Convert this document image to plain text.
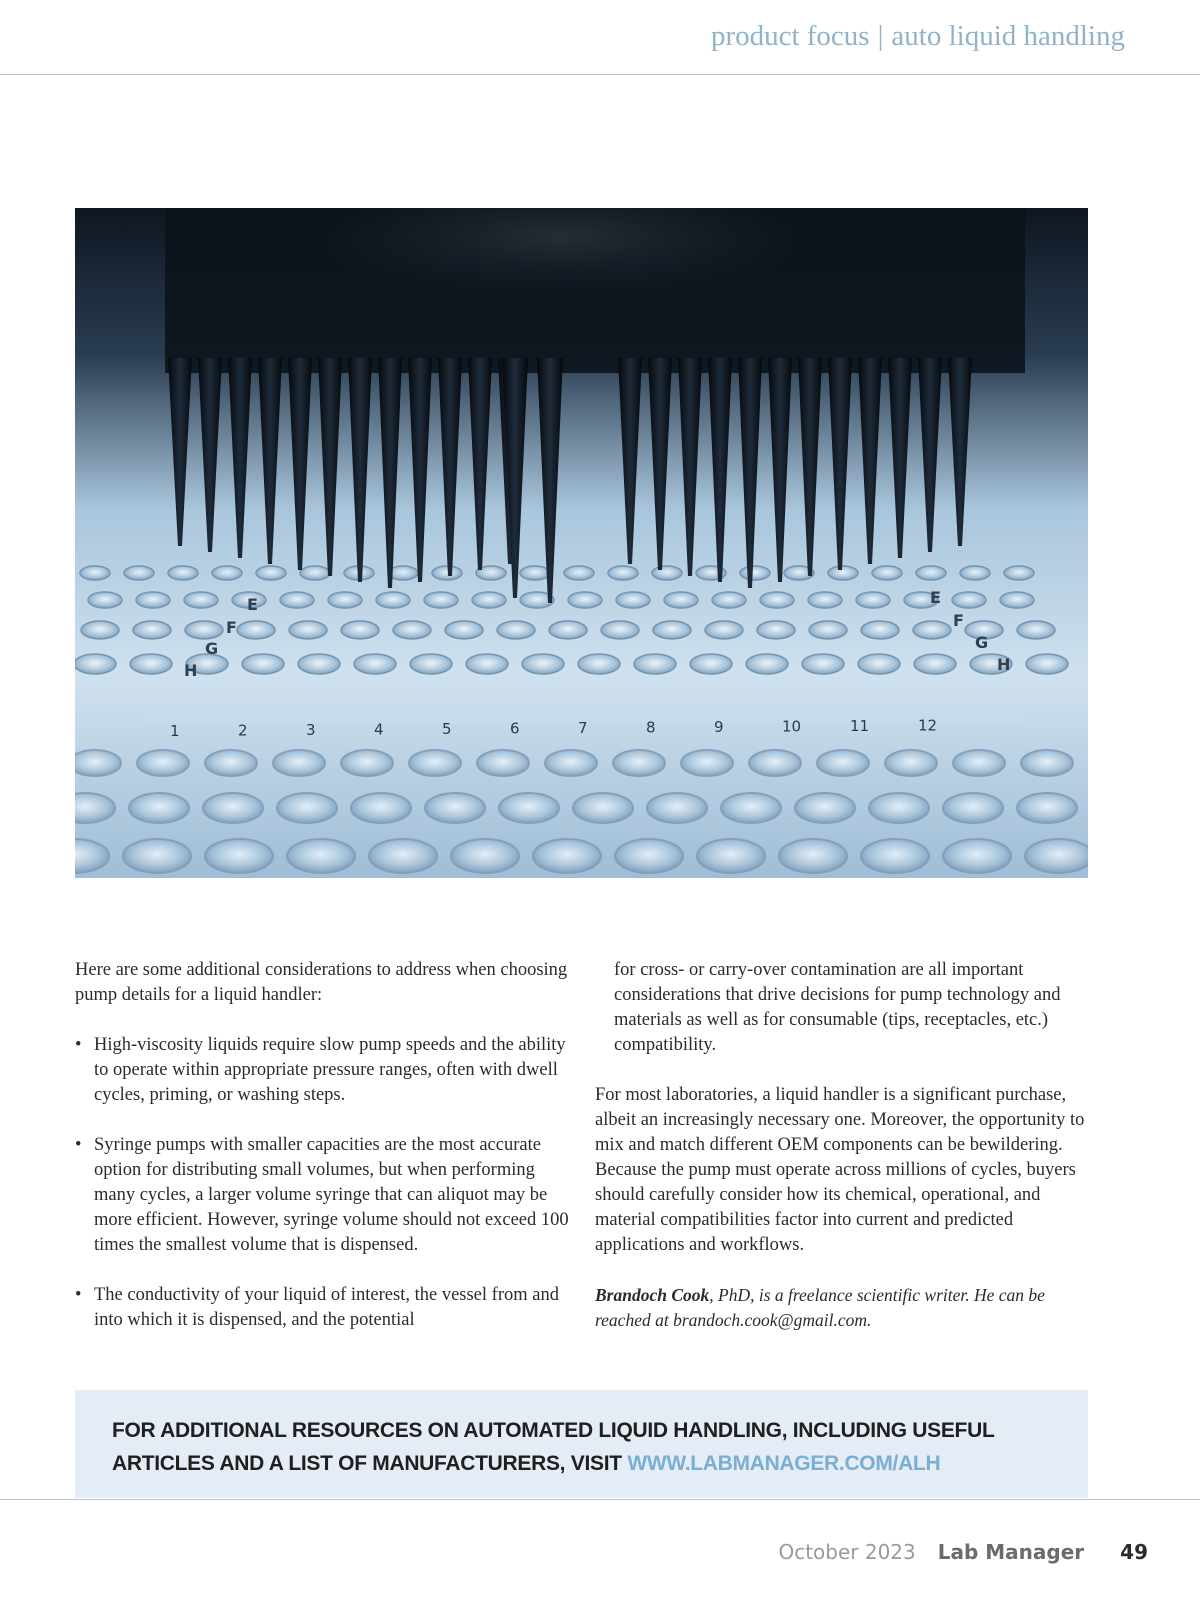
product focus | auto liquid handling
E
F
G
H
E
F
G
H
1	2	3	4	5	6	7	8	9	10	11	12

Here are some additional considerations to address when choosing pump details for a liquid handler:

• High-viscosity liquids require slow pump speeds and the ability to operate within appropriate pressure ranges, often with dwell cycles, priming, or washing steps.
• Syringe pumps with smaller capacities are the most accurate option for distributing small volumes, but when performing many cycles, a larger volume syringe that can aliquot may be more efficient. However, syringe volume should not exceed 100 times the smallest volume that is dispensed.
• The conductivity of your liquid of interest, the vessel from and into which it is dispensed, and the potential

for cross- or carry-over contamination are all important considerations that drive decisions for pump technology and materials as well as for consumable (tips, receptacles, etc.) compatibility.

For most laboratories, a liquid handler is a significant purchase, albeit an increasingly necessary one. Moreover, the opportunity to mix and match different OEM components can be bewildering. Because the pump must operate across millions of cycles, buyers should carefully consider how its chemical, operational, and material compatibilities factor into current and predicted applications and workflows.

Brandoch Cook, PhD, is a freelance scientific writer. He can be reached at brandoch.cook@gmail.com.

FOR ADDITIONAL RESOURCES ON AUTOMATED LIQUID HANDLING, INCLUDING USEFUL ARTICLES AND A LIST OF MANUFACTURERS, VISIT WWW.LABMANAGER.COM/ALH
October 2023 Lab Manager 49
